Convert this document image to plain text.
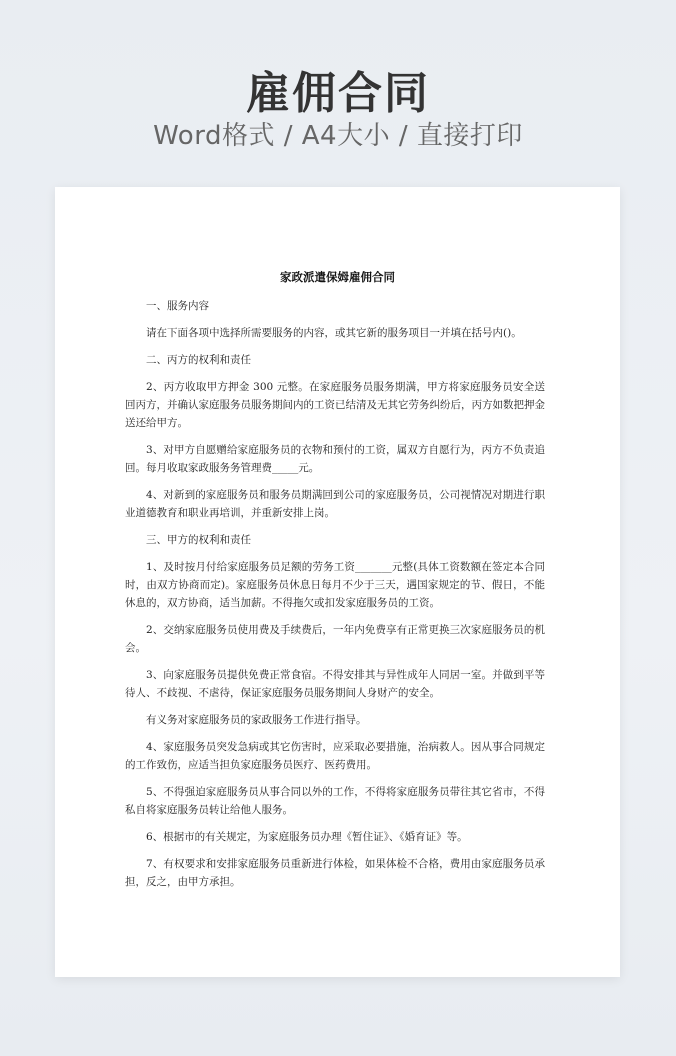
雇佣合同
Word格式 / A4大小 / 直接打印
家政派遣保姆雇佣合同

一、服务内容

请在下面各项中选择所需要服务的内容，或其它新的服务项目一并填在括号内()。

二、丙方的权利和责任

2、丙方收取甲方押金 300 元整。在家庭服务员服务期满，甲方将家庭服务员安全送回丙方，并确认家庭服务员服务期间内的工资已结清及无其它劳务纠纷后，丙方如数把押金送还给甲方。

3、对甲方自愿赠给家庭服务员的衣物和预付的工资，属双方自愿行为，丙方不负责追回。每月收取家政服务务管理费_____元。

4、对新到的家庭服务员和服务员期满回到公司的家庭服务员，公司视情况对期进行职业道德教育和职业再培训，并重新安排上岗。

三、甲方的权利和责任

1、及时按月付给家庭服务员足额的劳务工资_______元整(具体工资数额在签定本合同时，由双方协商而定)。家庭服务员休息日每月不少于三天，遇国家规定的节、假日，不能休息的，双方协商，适当加薪。不得拖欠或扣发家庭服务员的工资。

2、交纳家庭服务员使用费及手续费后，一年内免费享有正常更换三次家庭服务员的机会。

3、向家庭服务员提供免费正常食宿。不得安排其与异性成年人同居一室。并做到平等待人、不歧视、不虐待，保证家庭服务员服务期间人身财产的安全。

有义务对家庭服务员的家政服务工作进行指导。

4、家庭服务员突发急病或其它伤害时，应采取必要措施，治病救人。因从事合同规定的工作致伤，应适当担负家庭服务员医疗、医药费用。

5、不得强迫家庭服务员从事合同以外的工作，不得将家庭服务员带往其它省市，不得私自将家庭服务员转让给他人服务。

6、根据市的有关规定，为家庭服务员办理《暂住证》、《婚育证》等。

7、有权要求和安排家庭服务员重新进行体检，如果体检不合格，费用由家庭服务员承担，反之，由甲方承担。
